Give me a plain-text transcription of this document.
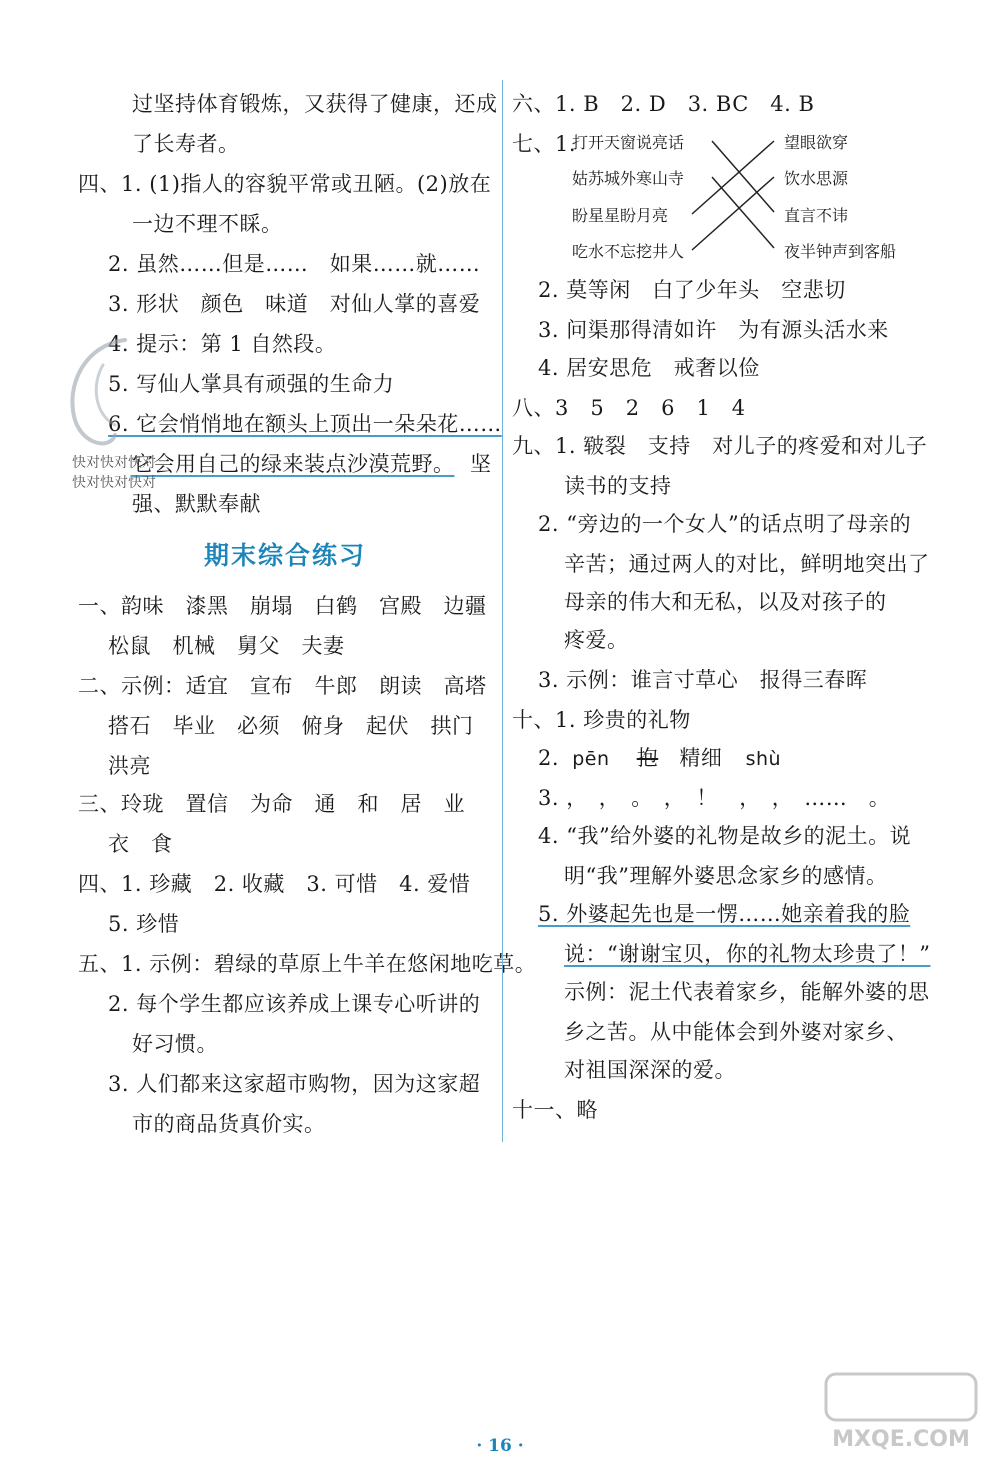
过坚持体育锻炼，又获得了健康，还成
了长寿者。
四、1. (1)指人的容貌平常或丑陋。(2)放在
一边不理不睬。
2. 虽然……但是……　如果……就……
3. 形状　颜色　味道　对仙人掌的喜爱
4. 提示：第 1 自然段。
5. 写仙人掌具有顽强的生命力
6. 它会悄悄地在额头上顶出一朵朵花……
它会用自己的绿来装点沙漠荒野。 坚
强、默默奉献
期末综合练习
一、韵味　漆黑　崩塌　白鹤　宫殿　边疆
松鼠　机械　舅父　夫妻
二、示例：适宜　宣布　牛郎　朗读　高塔
搭石　毕业　必须　俯身　起伏　拱门
洪亮
三、玲珑　置信　为命　通　和　居　业
衣　食
四、1. 珍藏　2. 收藏　3. 可惜　4. 爱惜
5. 珍惜
五、1. 示例：碧绿的草原上牛羊在悠闲地吃草。
2. 每个学生都应该养成上课专心听讲的
好习惯。
3. 人们都来这家超市购物，因为这家超
市的商品货真价实。
快对快对快对
快对快对快对
六、1. B　2. D　3. BC　4. B
七、1.
打开天窗说亮话
姑苏城外寒山寺
盼星星盼月亮
吃水不忘挖井人
望眼欲穿
饮水思源
直言不讳
夜半钟声到客船
2. 莫等闲　白了少年头　空悲切
3. 问渠那得清如许　为有源头活水来
4. 居安思危　戒奢以俭
八、3　5　2　6　1　4
九、1. 皲裂　支持　对儿子的疼爱和对儿子
读书的支持
2. “旁边的一个女人”的话点明了母亲的
辛苦；通过两人的对比，鲜明地突出了
母亲的伟大和无私，以及对孩子的
疼爱。
3. 示例：谁言寸草心　报得三春晖
十、1. 珍贵的礼物
2. pēn 抱 精细 shù
3. ，　，　。　，　！　，　，　……　。
4. “我”给外婆的礼物是故乡的泥土。说
明“我”理解外婆思念家乡的感情。
5. 外婆起先也是一愣……她亲着我的脸
说：“谢谢宝贝，你的礼物太珍贵了！”
示例：泥土代表着家乡，能解外婆的思
乡之苦。从中能体会到外婆对家乡、
对祖国深深的爱。
十一、略
· 16 ·	MXQE.COM
